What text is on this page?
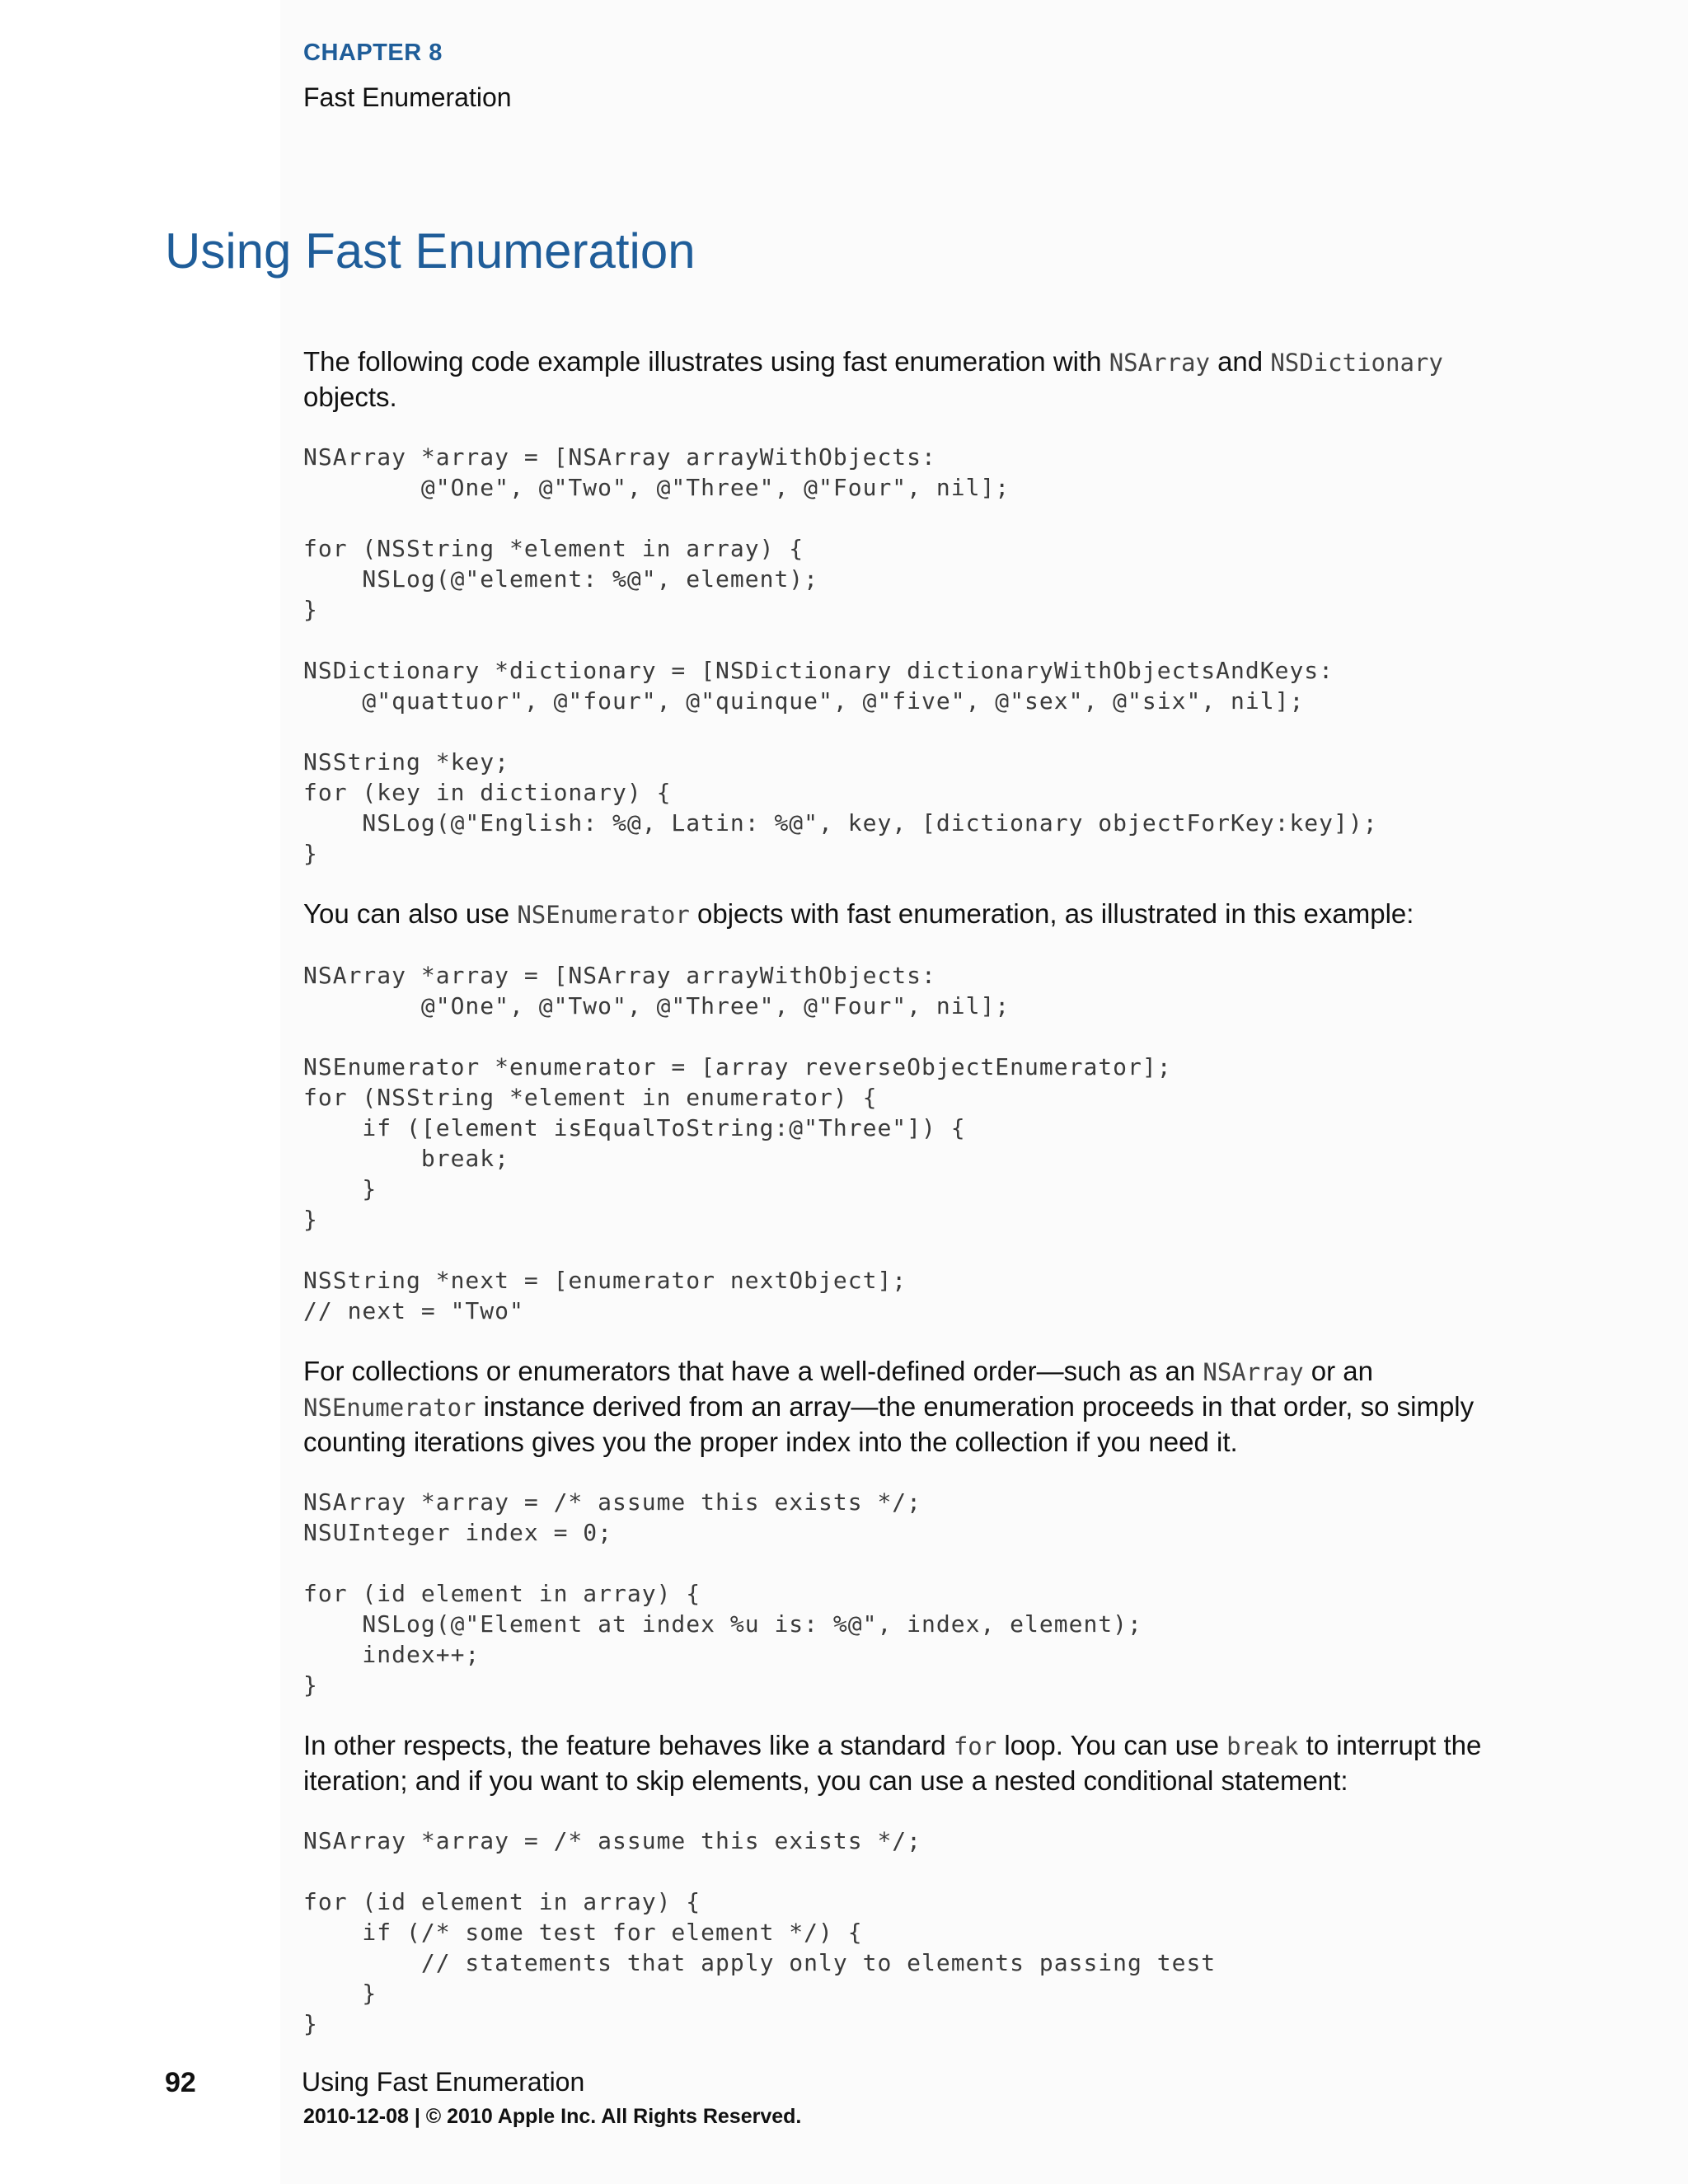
CHAPTER 8
Fast Enumeration
Using Fast Enumeration

The following code example illustrates using fast enumeration with NSArray and NSDictionary objects.

NSArray *array = [NSArray arrayWithObjects:
@"One", @"Two", @"Three", @"Four", nil];

for (NSString *element in array) {
NSLog(@"element: %@", element);
}

NSDictionary *dictionary = [NSDictionary dictionaryWithObjectsAndKeys:
@"quattuor", @"four", @"quinque", @"five", @"sex", @"six", nil];

NSString *key;
for (key in dictionary) {
NSLog(@"English: %@, Latin: %@", key, [dictionary objectForKey:key]);
}

You can also use NSEnumerator objects with fast enumeration, as illustrated in this example:

NSArray *array = [NSArray arrayWithObjects:
@"One", @"Two", @"Three", @"Four", nil];

NSEnumerator *enumerator = [array reverseObjectEnumerator];
for (NSString *element in enumerator) {
if ([element isEqualToString:@"Three"]) {
break;
}
}

NSString *next = [enumerator nextObject];
// next = "Two"

For collections or enumerators that have a well-defined order—such as an NSArray or an NSEnumerator instance derived from an array—the enumeration proceeds in that order, so simply counting iterations gives you the proper index into the collection if you need it.

NSArray *array = /* assume this exists */;
NSUInteger index = 0;

for (id element in array) {
NSLog(@"Element at index %u is: %@", index, element);
index++;
}

In other respects, the feature behaves like a standard for loop. You can use break to interrupt the iteration; and if you want to skip elements, you can use a nested conditional statement:

NSArray *array = /* assume this exists */;

for (id element in array) {
if (/* some test for element */) {
// statements that apply only to elements passing test
}
}
92	Using Fast Enumeration
2010-12-08 | © 2010 Apple Inc. All Rights Reserved.
